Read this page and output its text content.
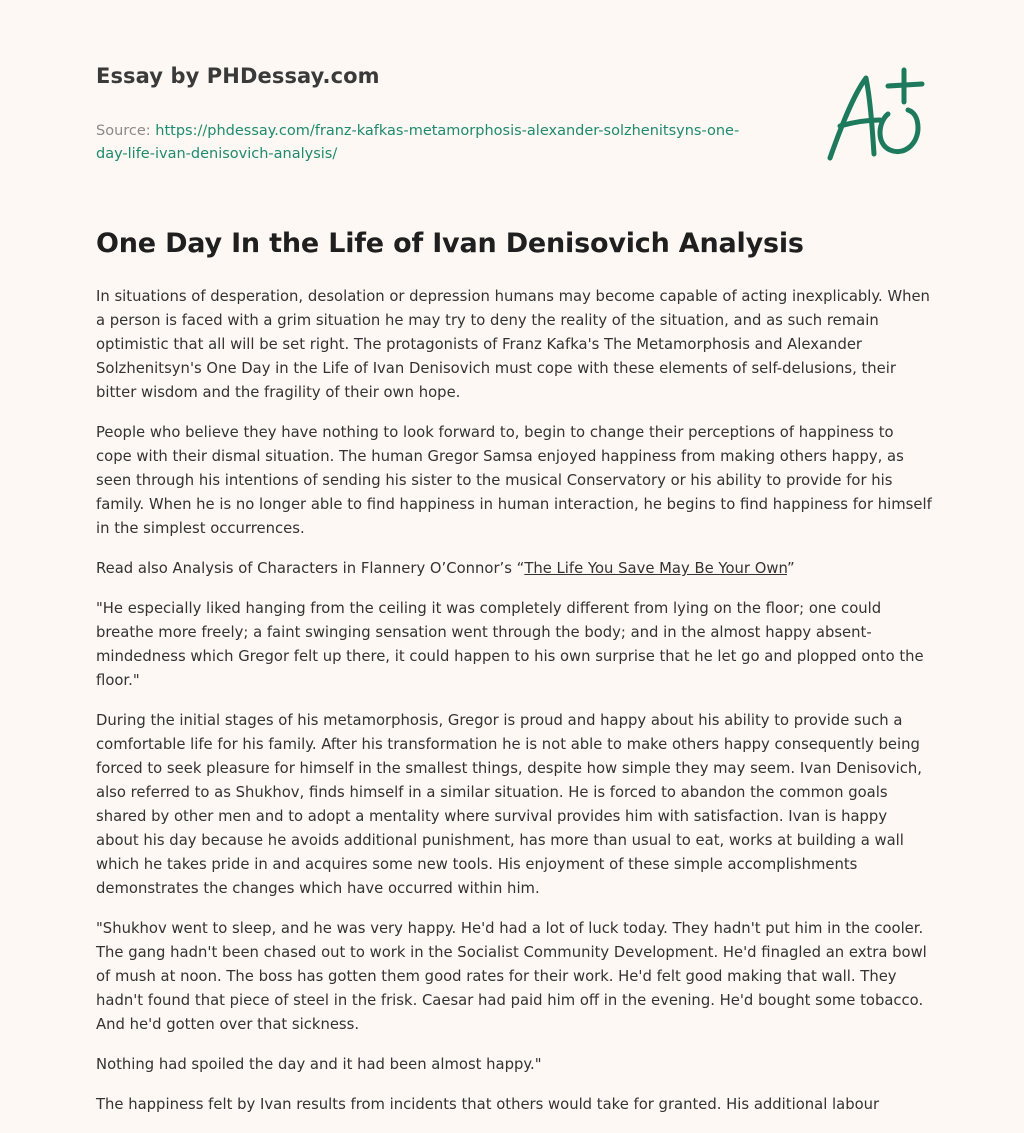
Essay by PHDessay.com
Source: https://phdessay.com/franz-kafkas-metamorphosis-alexander-solzhenitsyns-one-day-life-ivan-denisovich-analysis/
One Day In the Life of Ivan Denisovich Analysis

In situations of desperation, desolation or depression humans may become capable of acting inexplicably. When a person is faced with a grim situation he may try to deny the reality of the situation, and as such remain optimistic that all will be set right. The protagonists of Franz Kafka's The Metamorphosis and Alexander Solzhenitsyn's One Day in the Life of Ivan Denisovich must cope with these elements of self-delusions, their bitter wisdom and the fragility of their own hope.

People who believe they have nothing to look forward to, begin to change their perceptions of happiness to cope with their dismal situation. The human Gregor Samsa enjoyed happiness from making others happy, as seen through his intentions of sending his sister to the musical Conservatory or his ability to provide for his family. When he is no longer able to find happiness in human interaction, he begins to find happiness for himself in the simplest occurrences.

Read also Analysis of Characters in Flannery O’Connor’s “The Life You Save May Be Your Own”

"He especially liked hanging from the ceiling it was completely different from lying on the floor; one could breathe more freely; a faint swinging sensation went through the body; and in the almost happy absent-mindedness which Gregor felt up there, it could happen to his own surprise that he let go and plopped onto the floor."

During the initial stages of his metamorphosis, Gregor is proud and happy about his ability to provide such a comfortable life for his family. After his transformation he is not able to make others happy consequently being forced to seek pleasure for himself in the smallest things, despite how simple they may seem. Ivan Denisovich, also referred to as Shukhov, finds himself in a similar situation. He is forced to abandon the common goals shared by other men and to adopt a mentality where survival provides him with satisfaction. Ivan is happy about his day because he avoids additional punishment, has more than usual to eat, works at building a wall which he takes pride in and acquires some new tools. His enjoyment of these simple accomplishments demonstrates the changes which have occurred within him.

"Shukhov went to sleep, and he was very happy. He'd had a lot of luck today. They hadn't put him in the cooler. The gang hadn't been chased out to work in the Socialist Community Development. He'd finagled an extra bowl of mush at noon. The boss has gotten them good rates for their work. He'd felt good making that wall. They hadn't found that piece of steel in the frisk. Caesar had paid him off in the evening. He'd bought some tobacco. And he'd gotten over that sickness.

Nothing had spoiled the day and it had been almost happy."

The happiness felt by Ivan results from incidents that others would take for granted. His additional labour
